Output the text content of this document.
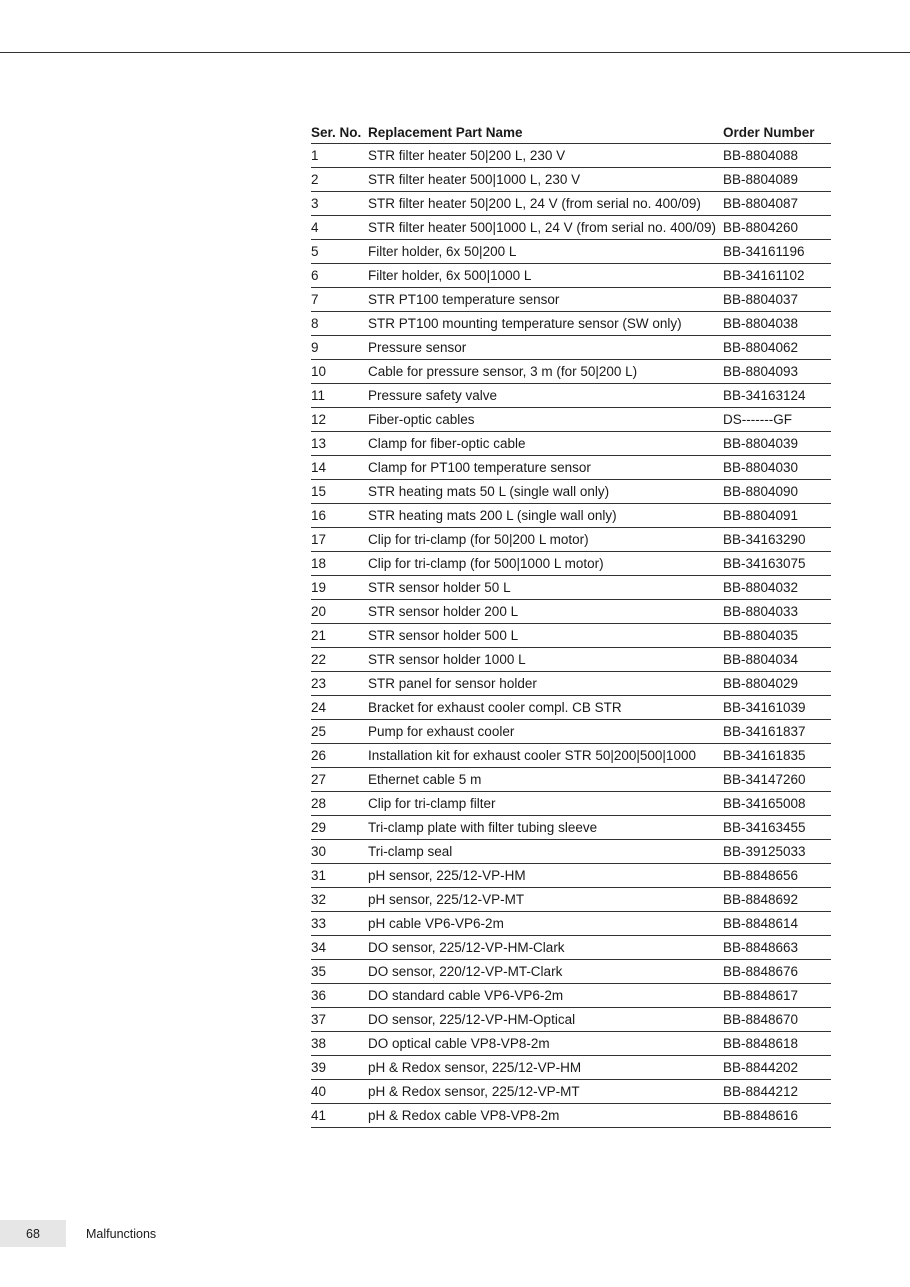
Ser. No.	Replacement Part Name	Order Number
1	STR filter heater 50|200 L, 230 V	BB-8804088
2	STR filter heater 500|1000 L, 230 V	BB-8804089
3	STR filter heater 50|200 L, 24 V (from serial no. 400/09)	BB-8804087
4	STR filter heater 500|1000 L, 24 V (from serial no. 400/09)	BB-8804260
5	Filter holder, 6x 50|200 L	BB-34161196
6	Filter holder, 6x 500|1000 L	BB-34161102
7	STR PT100 temperature sensor	BB-8804037
8	STR PT100 mounting temperature sensor (SW only)	BB-8804038
9	Pressure sensor	BB-8804062
10	Cable for pressure sensor, 3 m (for 50|200 L)	BB-8804093
11	Pressure safety valve	BB-34163124
12	Fiber-optic cables	DS-------GF
13	Clamp for fiber-optic cable	BB-8804039
14	Clamp for PT100 temperature sensor	BB-8804030
15	STR heating mats 50 L (single wall only)	BB-8804090
16	STR heating mats 200 L (single wall only)	BB-8804091
17	Clip for tri-clamp (for 50|200 L motor)	BB-34163290
18	Clip for tri-clamp (for 500|1000 L motor)	BB-34163075
19	STR sensor holder 50 L	BB-8804032
20	STR sensor holder 200 L	BB-8804033
21	STR sensor holder 500 L	BB-8804035
22	STR sensor holder 1000 L	BB-8804034
23	STR panel for sensor holder	BB-8804029
24	Bracket for exhaust cooler compl. CB STR	BB-34161039
25	Pump for exhaust cooler	BB-34161837
26	Installation kit for exhaust cooler STR 50|200|500|1000	BB-34161835
27	Ethernet cable 5 m	BB-34147260
28	Clip for tri-clamp filter	BB-34165008
29	Tri-clamp plate with filter tubing sleeve	BB-34163455
30	Tri-clamp seal	BB-39125033
31	pH sensor, 225/12-VP-HM	BB-8848656
32	pH sensor, 225/12-VP-MT	BB-8848692
33	pH cable VP6-VP6-2m	BB-8848614
34	DO sensor, 225/12-VP-HM-Clark	BB-8848663
35	DO sensor, 220/12-VP-MT-Clark	BB-8848676
36	DO standard cable VP6-VP6-2m	BB-8848617
37	DO sensor, 225/12-VP-HM-Optical	BB-8848670
38	DO optical cable VP8-VP8-2m	BB-8848618
39	pH & Redox sensor, 225/12-VP-HM	BB-8844202
40	pH & Redox sensor, 225/12-VP-MT	BB-8844212
41	pH & Redox cable VP8-VP8-2m	BB-8848616
68	Malfunctions
